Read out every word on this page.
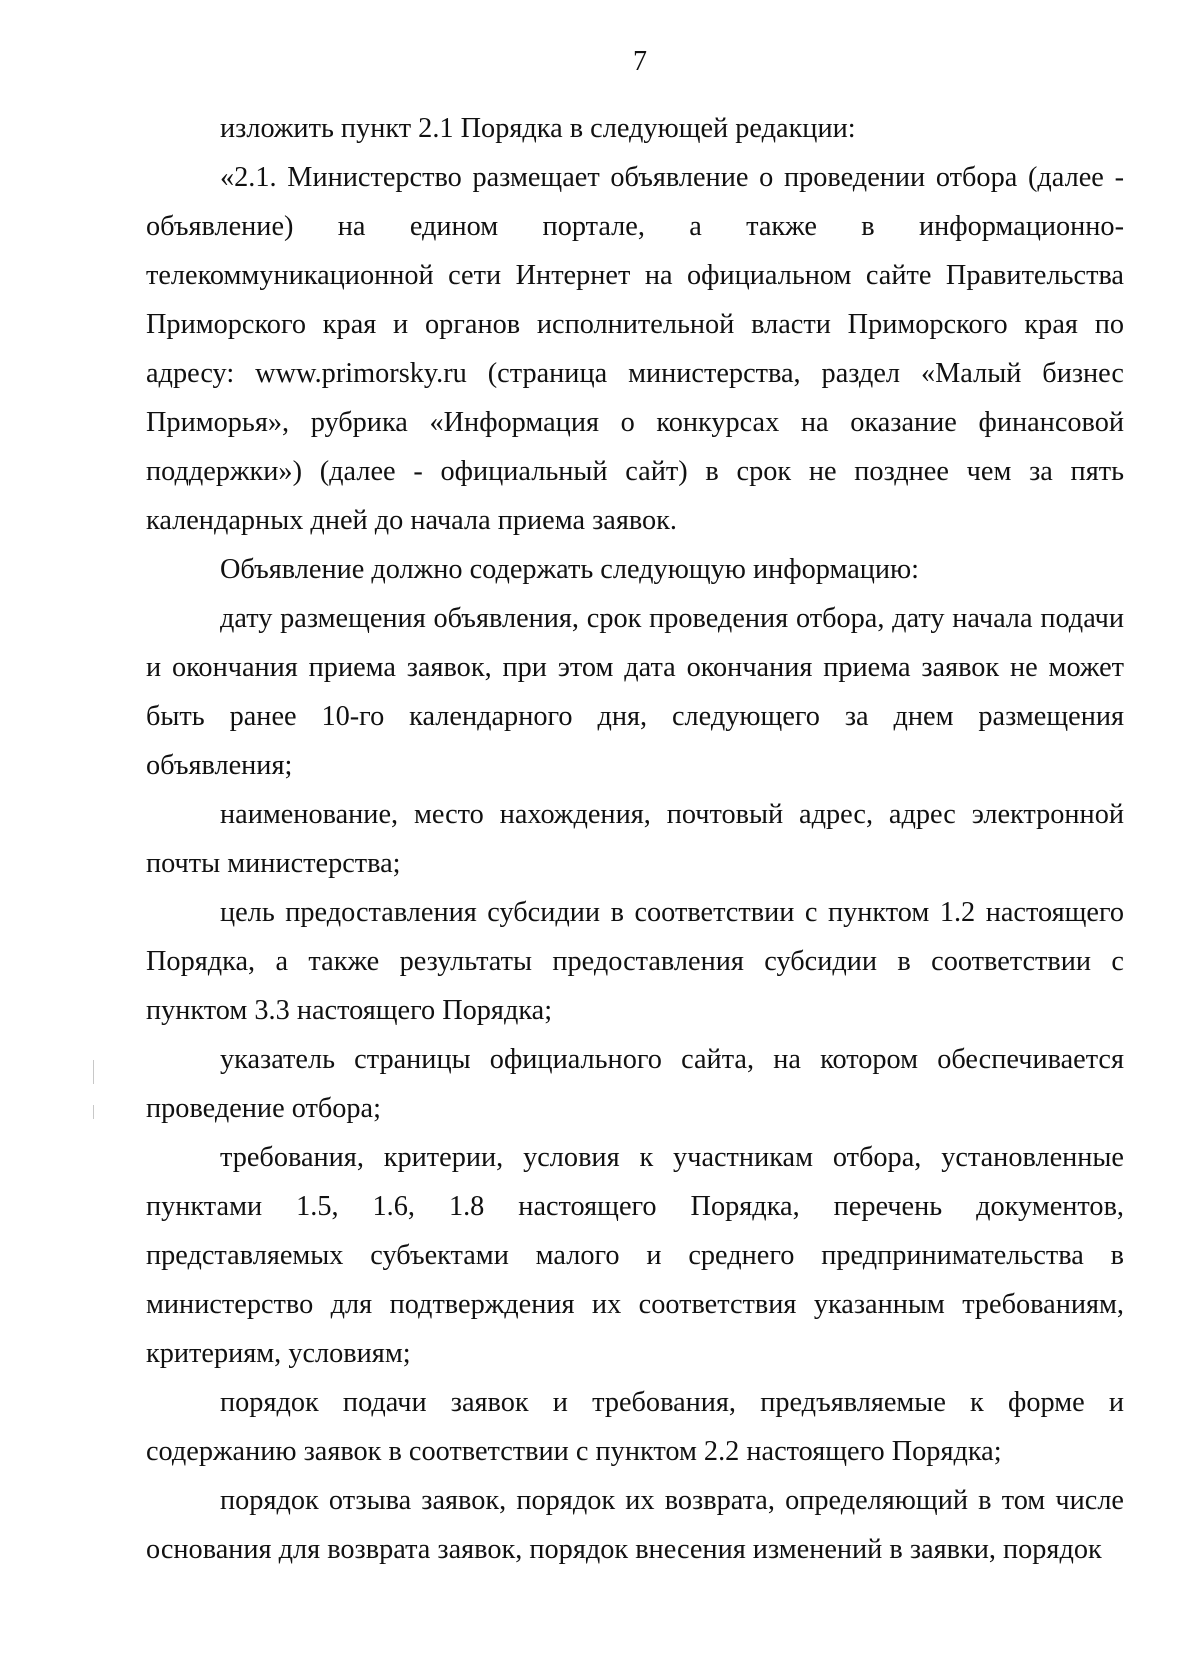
7

изложить пункт 2.1 Порядка в следующей редакции:

«2.1. Министерство размещает объявление о проведении отбора (далее - объявление) на едином портале, а также в информационно-телекоммуникационной сети Интернет на официальном сайте Правительства Приморского края и органов исполнительной власти Приморского края по адресу: www.primorsky.ru (страница министерства, раздел «Малый бизнес Приморья», рубрика «Информация о конкурсах на оказание финансовой поддержки») (далее - официальный сайт) в срок не позднее чем за пять календарных дней до начала приема заявок.

Объявление должно содержать следующую информацию:

дату размещения объявления, срок проведения отбора, дату начала подачи и окончания приема заявок, при этом дата окончания приема заявок не может быть ранее 10-го календарного дня, следующего за днем размещения объявления;

наименование, место нахождения, почтовый адрес, адрес электронной почты министерства;

цель предоставления субсидии в соответствии с пунктом 1.2 настоящего Порядка, а также результаты предоставления субсидии в соответствии с пунктом 3.3 настоящего Порядка;

указатель страницы официального сайта, на котором обеспечивается проведение отбора;

требования, критерии, условия к участникам отбора, установленные пунктами 1.5, 1.6, 1.8 настоящего Порядка, перечень документов, представляемых субъектами малого и среднего предпринимательства в министерство для подтверждения их соответствия указанным требованиям, критериям, условиям;

порядок подачи заявок и требования, предъявляемые к форме и содержанию заявок в соответствии с пунктом 2.2 настоящего Порядка;

порядок отзыва заявок, порядок их возврата, определяющий в том числе основания для возврата заявок, порядок внесения изменений в заявки, порядок
